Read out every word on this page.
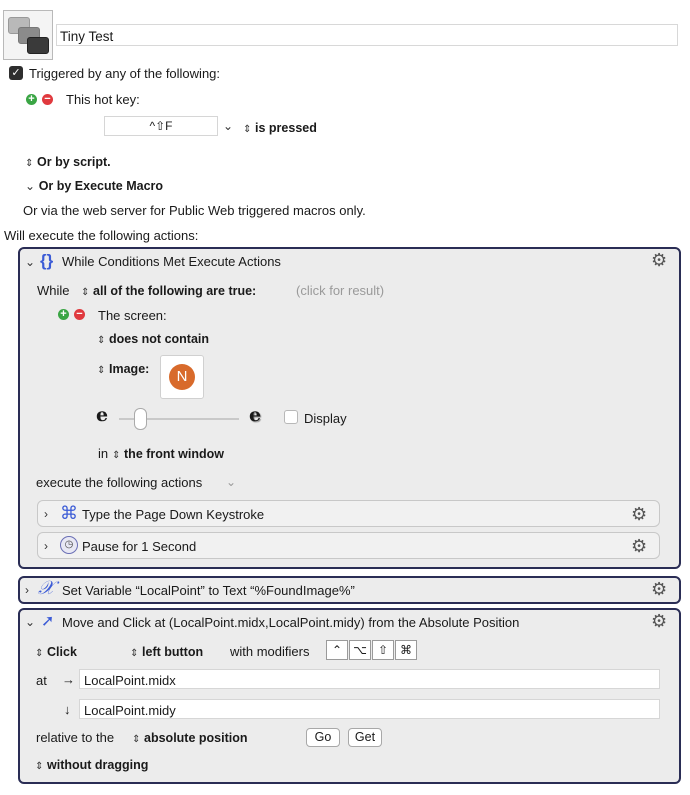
Tiny Test
✓ Triggered by any of the following:
+ − This hot key:
^⇧F	⌄ ⇕ is pressed
⇕ Or by script.
⌄ Or by Execute Macro
Or via the web server for Public Web triggered macros only.
Will execute the following actions:
⌄ {} While Conditions Met Execute Actions	⚙
While ⇕ all of the following are true:	(click for result)
+ − The screen:
⇕ does not contain
⇕ Image:	N
e	e	Display
in ⇕ the front window
execute the following actions ⌄
› ⌘ Type the Page Down Keystroke	⚙
›	◷ Pause for 1 Second	⚙
› 𝒳 Set Variable “LocalPoint” to Text “%FoundImage%”	⚙
⌄ ➚ Move and Click at (LocalPoint.midx,LocalPoint.midy) from the Absolute Position	⚙
⇕ Click	⇕ left button with modifiers	⌃ ⌥ ⇧ ⌘
at → LocalPoint.midx
↓	LocalPoint.midy
relative to the ⇕ absolute position	Go	Get
⇕ without dragging
